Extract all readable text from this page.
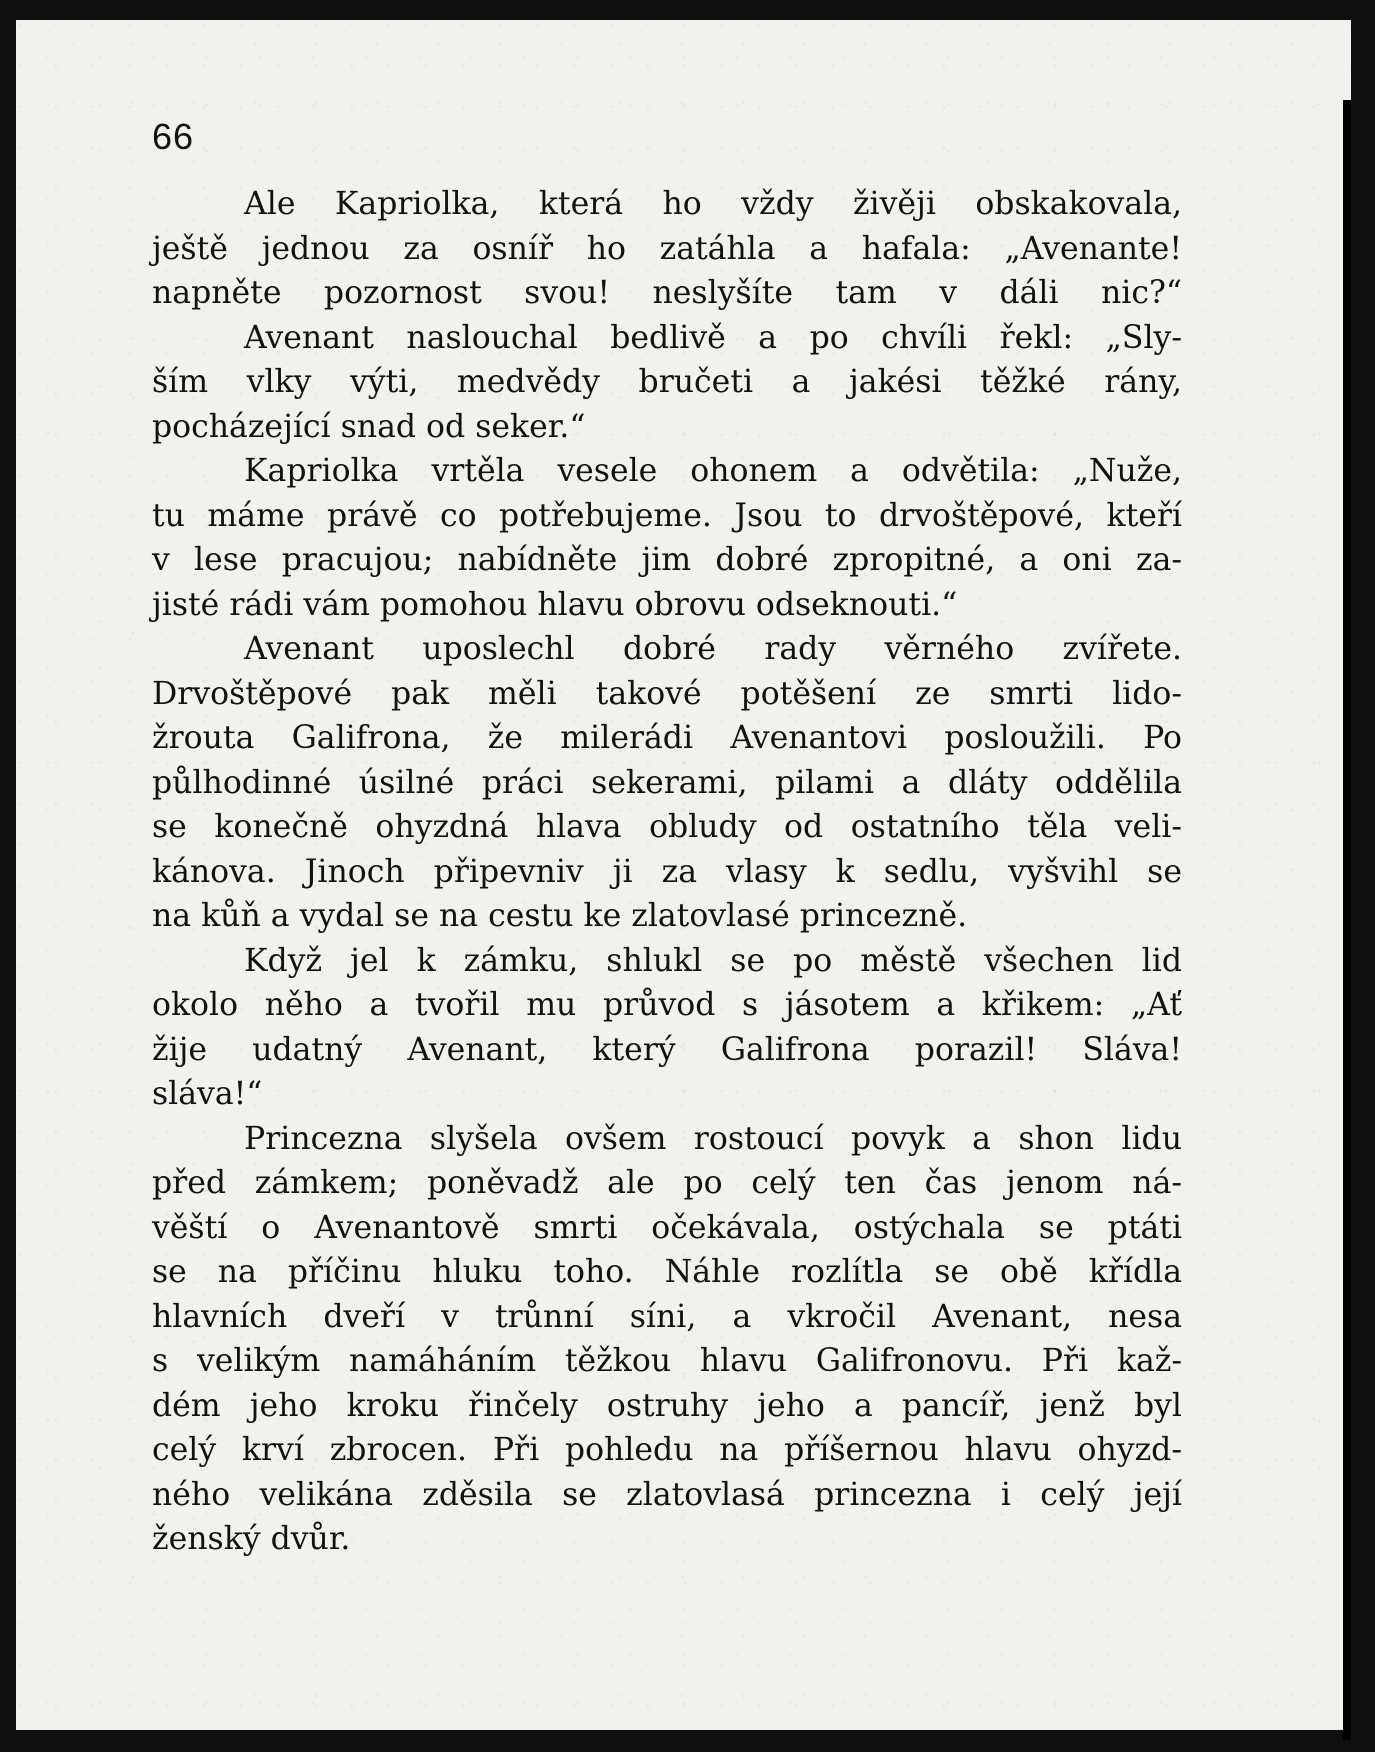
66
Ale Kapriolka, která ho vždy živěji obskakovala,
ještě jednou za osníř ho zatáhla a hafala: „Avenante!
napněte pozornost svou! neslyšíte tam v dáli nic?“
Avenant naslouchal bedlivě a po chvíli řekl: „Sly-
ším vlky výti, medvědy bručeti a jakési těžké rány,
pocházející snad od seker.“
Kapriolka vrtěla vesele ohonem a odvětila: „Nuže,
tu máme právě co potřebujeme. Jsou to drvoštěpové, kteří
v lese pracujou; nabídněte jim dobré zpropitné, a oni za-
jisté rádi vám pomohou hlavu obrovu odseknouti.“
Avenant uposlechl dobré rady věrného zvířete.
Drvoštěpové pak měli takové potěšení ze smrti lido-
žrouta Galifrona, že milerádi Avenantovi posloužili. Po
půlhodinné úsilné práci sekerami, pilami a dláty oddělila
se konečně ohyzdná hlava obludy od ostatního těla veli-
kánova. Jinoch připevniv ji za vlasy k sedlu, vyšvihl se
na kůň a vydal se na cestu ke zlatovlasé princezně.
Když jel k zámku, shlukl se po městě všechen lid
okolo něho a tvořil mu průvod s jásotem a křikem: „Ať
žije udatný Avenant, který Galifrona porazil! Sláva!
sláva!“
Princezna slyšela ovšem rostoucí povyk a shon lidu
před zámkem; poněvadž ale po celý ten čas jenom ná-
věští o Avenantově smrti očekávala, ostýchala se ptáti
se na příčinu hluku toho. Náhle rozlítla se obě křídla
hlavních dveří v trůnní síni, a vkročil Avenant, nesa
s velikým namáháním těžkou hlavu Galifronovu. Při kaž-
dém jeho kroku řinčely ostruhy jeho a pancíř, jenž byl
celý krví zbrocen. Při pohledu na příšernou hlavu ohyzd-
ného velikána zděsila se zlatovlasá princezna i celý její
ženský dvůr.
